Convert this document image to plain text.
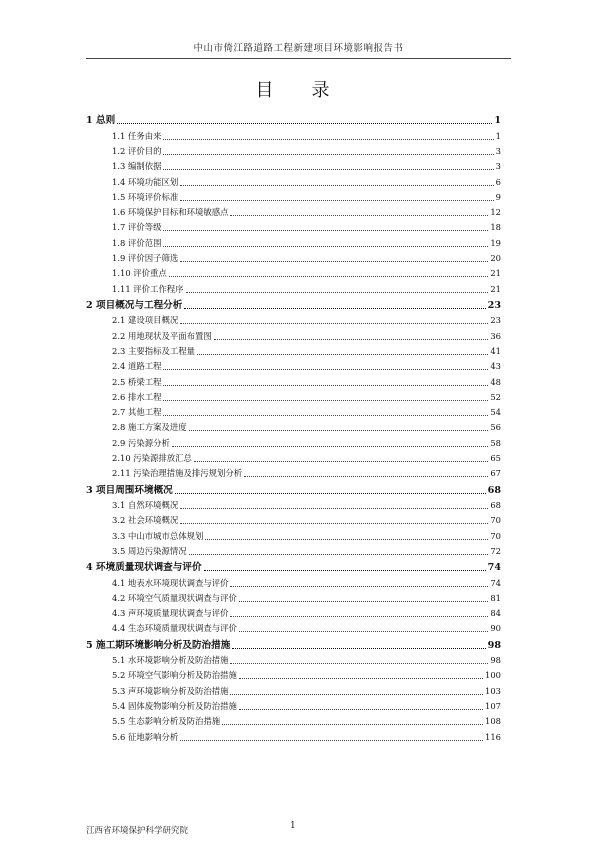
中山市倚江路道路工程新建项目环境影响报告书
目　录
1 总则	1
1.1 任务由来	1
1.2 评价目的	3
1.3 编制依据	3
1.4 环境功能区划	6
1.5 环境评价标准	9
1.6 环境保护目标和环境敏感点	12
1.7 评价等级	18
1.8 评价范围	19
1.9 评价因子筛选	20
1.10 评价重点	21
1.11 评价工作程序	21
2 项目概况与工程分析	23
2.1 建设项目概况	23
2.2 用地现状及平面布置图	36
2.3 主要指标及工程量	41
2.4 道路工程	43
2.5 桥梁工程	48
2.6 排水工程	52
2.7 其他工程	54
2.8 施工方案及进度	56
2.9 污染源分析	58
2.10 污染源排放汇总	65
2.11 污染治理措施及排污规划分析	67
3 项目周围环境概况	68
3.1 自然环境概况	68
3.2 社会环境概况	70
3.3 中山市城市总体规划	70
3.5 周边污染源情况	72
4 环境质量现状调查与评价	74
4.1 地表水环境现状调查与评价	74
4.2 环境空气质量现状调查与评价	81
4.3 声环境质量现状调查与评价	84
4.4 生态环境质量现状调查与评价	90
5 施工期环境影响分析及防治措施	98
5.1 水环境影响分析及防治措施	98
5.2 环境空气影响分析及防治措施	100
5.3 声环境影响分析及防治措施	103
5.4 固体废物影响分析及防治措施	107
5.5 生态影响分析及防治措施	108
5.6 征地影响分析	116
江西省环境保护科学研究院	1
